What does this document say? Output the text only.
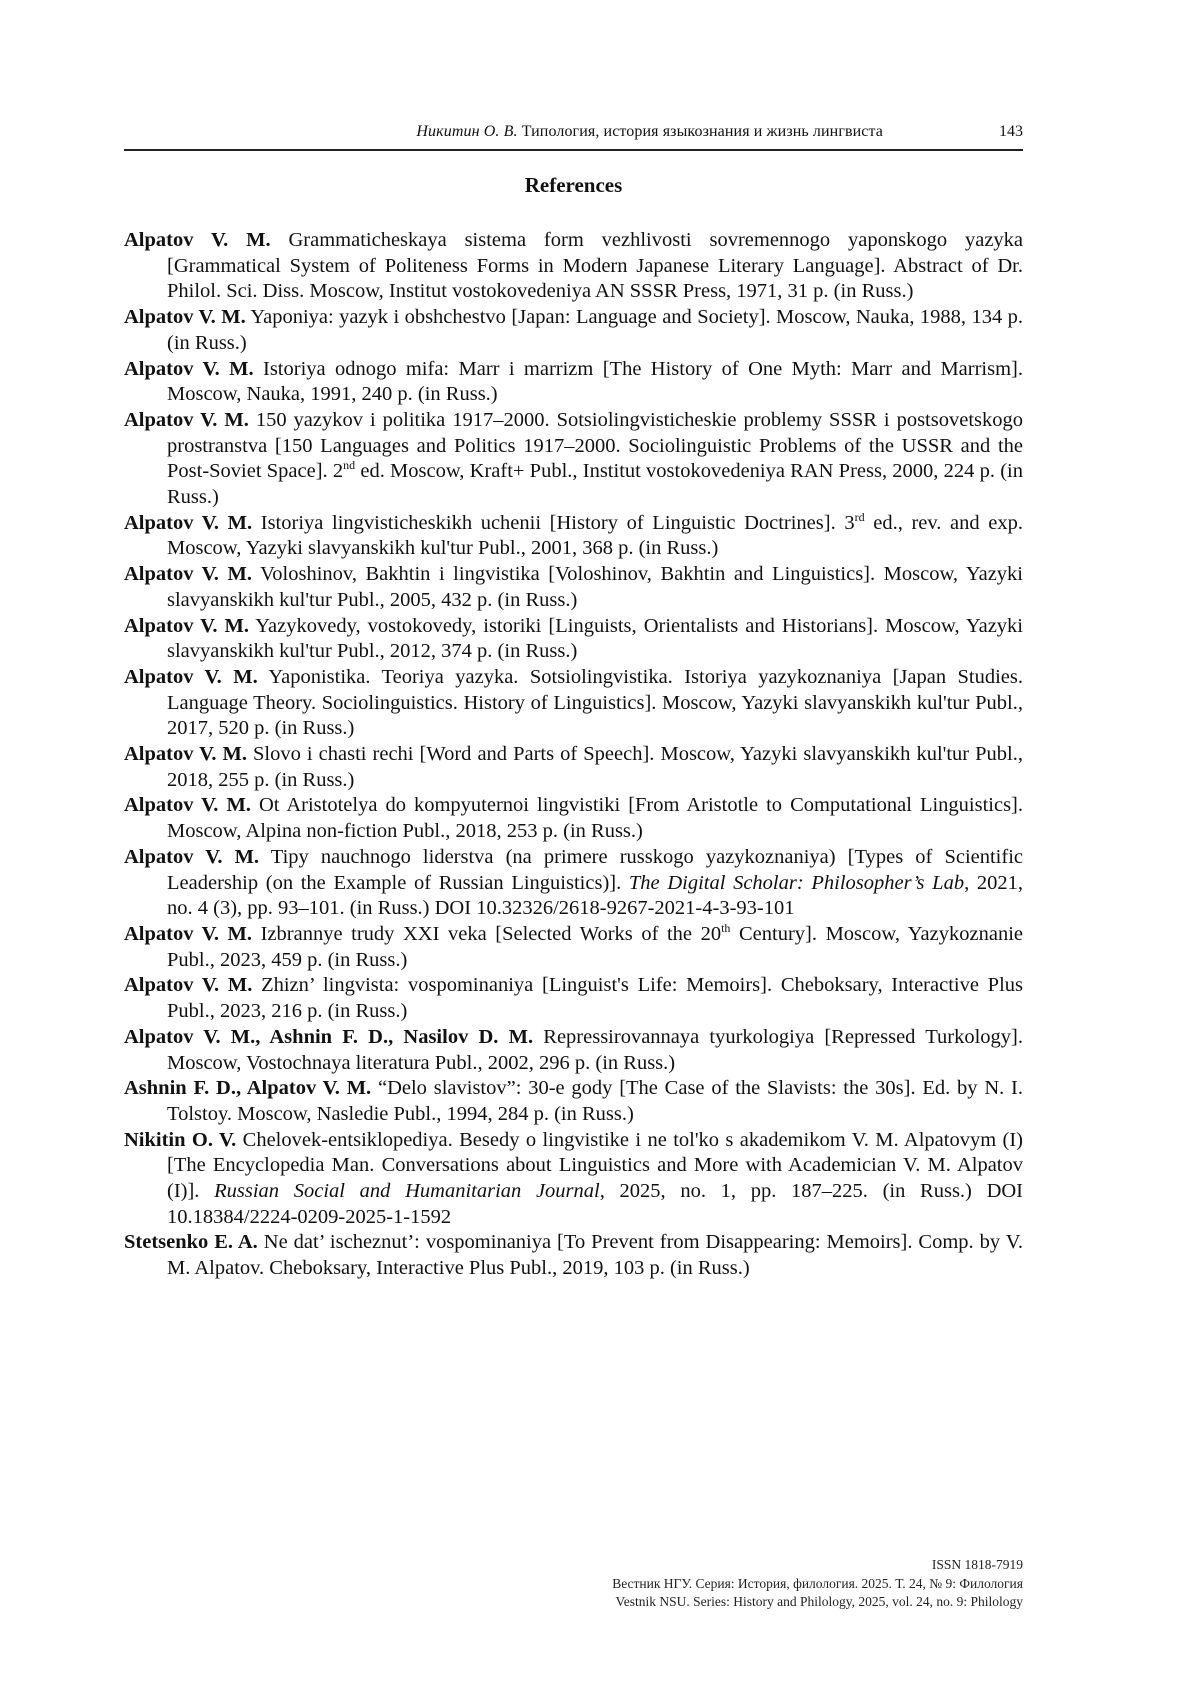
Никитин О. В. Типология, история языкознания и жизнь лингвиста	143
References
Alpatov V. M. Grammaticheskaya sistema form vezhlivosti sovremennogo yaponskogo yazyka [Grammatical System of Politeness Forms in Modern Japanese Literary Language]. Abstract of Dr. Philol. Sci. Diss. Moscow, Institut vostokovedeniya AN SSSR Press, 1971, 31 p. (in Russ.)
Alpatov V. M. Yaponiya: yazyk i obshchestvo [Japan: Language and Society]. Moscow, Nauka, 1988, 134 p. (in Russ.)
Alpatov V. M. Istoriya odnogo mifa: Marr i marrizm [The History of One Myth: Marr and Marrism]. Moscow, Nauka, 1991, 240 p. (in Russ.)
Alpatov V. M. 150 yazykov i politika 1917–2000. Sotsiolingvisticheskie problemy SSSR i postsovetskogo prostranstva [150 Languages and Politics 1917–2000. Sociolinguistic Problems of the USSR and the Post-Soviet Space]. 2nd ed. Moscow, Kraft+ Publ., Institut vostokovedeniya RAN Press, 2000, 224 p. (in Russ.)
Alpatov V. M. Istoriya lingvisticheskikh uchenii [History of Linguistic Doctrines]. 3rd ed., rev. and exp. Moscow, Yazyki slavyanskikh kul'tur Publ., 2001, 368 p. (in Russ.)
Alpatov V. M. Voloshinov, Bakhtin i lingvistika [Voloshinov, Bakhtin and Linguistics]. Moscow, Yazyki slavyanskikh kul'tur Publ., 2005, 432 p. (in Russ.)
Alpatov V. M. Yazykovedy, vostokovedy, istoriki [Linguists, Orientalists and Historians]. Moscow, Yazyki slavyanskikh kul'tur Publ., 2012, 374 p. (in Russ.)
Alpatov V. M. Yaponistika. Teoriya yazyka. Sotsiolingvistika. Istoriya yazykoznaniya [Japan Studies. Language Theory. Sociolinguistics. History of Linguistics]. Moscow, Yazyki slavyanskikh kul'tur Publ., 2017, 520 p. (in Russ.)
Alpatov V. M. Slovo i chasti rechi [Word and Parts of Speech]. Moscow, Yazyki slavyanskikh kul'tur Publ., 2018, 255 p. (in Russ.)
Alpatov V. M. Ot Aristotelya do kompyuternoi lingvistiki [From Aristotle to Computational Linguistics]. Moscow, Alpina non-fiction Publ., 2018, 253 p. (in Russ.)
Alpatov V. M. Tipy nauchnogo liderstva (na primere russkogo yazykoznaniya) [Types of Scientific Leadership (on the Example of Russian Linguistics)]. The Digital Scholar: Philosopher’s Lab, 2021, no. 4 (3), pp. 93–101. (in Russ.) DOI 10.32326/2618-9267-2021-4-3-93-101
Alpatov V. M. Izbrannye trudy XXI veka [Selected Works of the 20th Century]. Moscow, Yazykoznanie Publ., 2023, 459 p. (in Russ.)
Alpatov V. M. Zhizn’ lingvista: vospominaniya [Linguist's Life: Memoirs]. Cheboksary, Interactive Plus Publ., 2023, 216 p. (in Russ.)
Alpatov V. M., Ashnin F. D., Nasilov D. M. Repressirovannaya tyurkologiya [Repressed Turkology]. Moscow, Vostochnaya literatura Publ., 2002, 296 p. (in Russ.)
Ashnin F. D., Alpatov V. M. “Delo slavistov”: 30-e gody [The Case of the Slavists: the 30s]. Ed. by N. I. Tolstoy. Moscow, Nasledie Publ., 1994, 284 p. (in Russ.)
Nikitin O. V. Chelovek-entsiklopediya. Besedy o lingvistike i ne tol'ko s akademikom V. M. Alpatovym (I) [The Encyclopedia Man. Conversations about Linguistics and More with Academician V. M. Alpatov (I)]. Russian Social and Humanitarian Journal, 2025, no. 1, pp. 187–225. (in Russ.) DOI 10.18384/2224-0209-2025-1-1592
Stetsenko E. A. Ne dat’ ischeznut’: vospominaniya [To Prevent from Disappearing: Memoirs]. Comp. by V. M. Alpatov. Cheboksary, Interactive Plus Publ., 2019, 103 p. (in Russ.)
ISSN 1818-7919
Вестник НГУ. Серия: История, филология. 2025. Т. 24, № 9: Филология
Vestnik NSU. Series: History and Philology, 2025, vol. 24, no. 9: Philology
